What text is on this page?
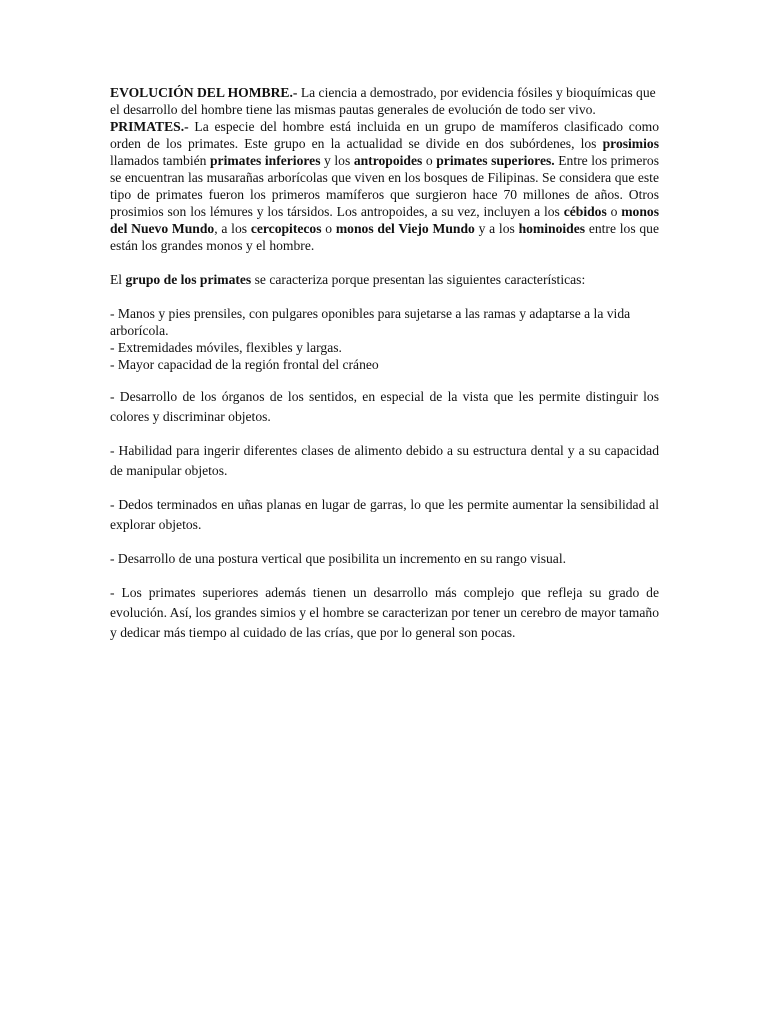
EVOLUCIÓN DEL HOMBRE.- La ciencia a demostrado, por evidencia fósiles y bioquímicas que el desarrollo del hombre tiene las mismas pautas generales de evolución de todo ser vivo.

PRIMATES.- La especie del hombre está incluida en un grupo de mamíferos clasificado como orden de los primates. Este grupo en la actualidad se divide en dos subórdenes, los prosimios llamados también primates inferiores y los antropoides o primates superiores. Entre los primeros se encuentran las musarañas arborícolas que viven en los bosques de Filipinas. Se considera que este tipo de primates fueron los primeros mamíferos que surgieron hace 70 millones de años. Otros prosimios son los lémures y los társidos. Los antropoides, a su vez, incluyen a los cébidos o monos del Nuevo Mundo, a los cercopitecos o monos del Viejo Mundo y a los hominoides entre los que están los grandes monos y el hombre.

El grupo de los primates se caracteriza porque presentan las siguientes características:

- Manos y pies prensiles, con pulgares oponibles para sujetarse a las ramas y adaptarse a la vida arborícola.

- Extremidades móviles, flexibles y largas.

- Mayor capacidad de la región frontal del cráneo

- Desarrollo de los órganos de los sentidos, en especial de la vista que les permite distinguir los colores y discriminar objetos.

- Habilidad para ingerir diferentes clases de alimento debido a su estructura dental y a su capacidad de manipular objetos.

- Dedos terminados en uñas planas en lugar de garras, lo que les permite aumentar la sensibilidad al explorar objetos.

- Desarrollo de una postura vertical que posibilita un incremento en su rango visual.

- Los primates superiores además tienen un desarrollo más complejo que refleja su grado de evolución. Así, los grandes simios y el hombre se caracterizan por tener un cerebro de mayor tamaño y dedicar más tiempo al cuidado de las crías, que por lo general son pocas.
